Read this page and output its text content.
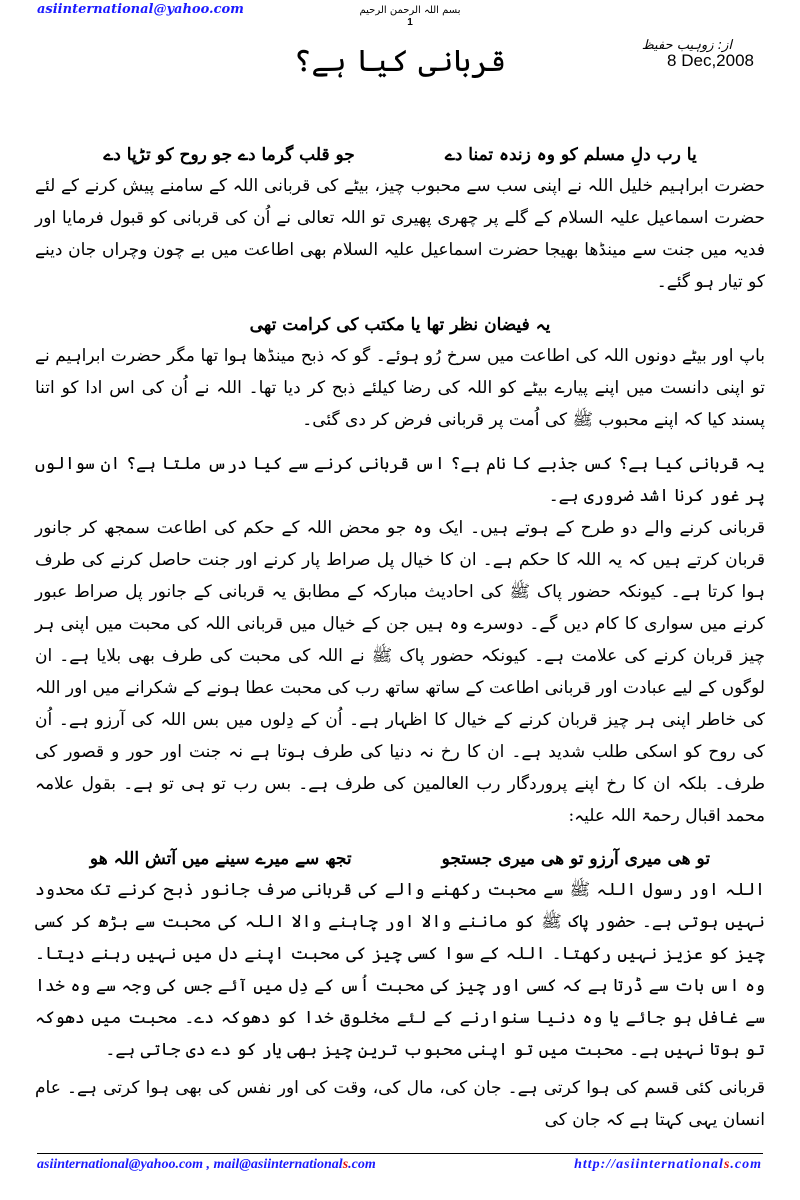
asiinternational@yahoo.com	بسم اللہ الرحمن الرحیم
1
قربانی کیا ہے؟	از: زوہیب حفیظ
8 Dec,2008
یا رب دلِ مسلم کو وہ زندہ تمنا دے
جو قلب گرما دے جو روح کو تڑپا دے

حضرت ابراہیم خلیل اللہ نے اپنی سب سے محبوب چیز، بیٹے کی قربانی اللہ کے سامنے پیش کرنے کے لئے حضرت اسماعیل علیہ السلام کے گلے پر چھری پھیری تو اللہ تعالی نے اُن کی قربانی کو قبول فرمایا اور فدیہ میں جنت سے مینڈھا بھیجا حضرت اسماعیل علیہ السلام بھی اطاعت میں بے چون وچراں جان دینے کو تیار ہو گئے۔

یہ فیضان نظر تھا یا مکتب کی کرامت تھی

باپ اور بیٹے دونوں اللہ کی اطاعت میں سرخ رُو ہوئے۔ گو کہ ذبح مینڈھا ہوا تھا مگر حضرت ابراہیم نے تو اپنی دانست میں اپنے پیارے بیٹے کو اللہ کی رضا کیلئے ذبح کر دیا تھا۔ اللہ نے اُن کی اس ادا کو اتنا پسند کیا کہ اپنے محبوب ﷺ کی اُمت پر قربانی فرض کر دی گئی۔

یہ قربانی کیا ہے؟ کس جذبے کا نام ہے؟ اس قربانی کرنے سے کیا درس ملتا ہے؟ ان سوالوں پر غور کرنا اشد ضروری ہے۔

قربانی کرنے والے دو طرح کے ہوتے ہیں۔ ایک وہ جو محض اللہ کے حکم کی اطاعت سمجھ کر جانور قربان کرتے ہیں کہ یہ اللہ کا حکم ہے۔ ان کا خیال پل صراط پار کرنے اور جنت حاصل کرنے کی طرف ہوا کرتا ہے۔ کیونکہ حضور پاک ﷺ کی احادیث مبارکہ کے مطابق یہ قربانی کے جانور پل صراط عبور کرنے میں سواری کا کام دیں گے۔ دوسرے وہ ہیں جن کے خیال میں قربانی اللہ کی محبت میں اپنی ہر چیز قربان کرنے کی علامت ہے۔ کیونکہ حضور پاک ﷺ نے اللہ کی محبت کی طرف بھی بلایا ہے۔ ان لوگوں کے لیے عبادت اور قربانی اطاعت کے ساتھ ساتھ رب کی محبت عطا ہونے کے شکرانے میں اور اللہ کی خاطر اپنی ہر چیز قربان کرنے کے خیال کا اظہار ہے۔ اُن کے دِلوں میں بس اللہ کی آرزو ہے۔ اُن کی روح کو اسکی طلب شدید ہے۔ ان کا رخ نہ دنیا کی طرف ہوتا ہے نہ جنت اور حور و قصور کی طرف۔ بلکہ ان کا رخ اپنے پروردگار رب العالمین کی طرف ہے۔ بس رب تو ہی تو ہے۔ بقول علامہ محمد اقبال رحمۃ اللہ علیہ:

تو ھی میری آرزو تو ھی میری جستجو
تجھ سے میرے سینے میں آتش اللہ ھو

اللہ اور رسول اللہ ﷺ سے محبت رکھنے والے کی قربانی صرف جانور ذبح کرنے تک محدود نہیں ہوتی ہے۔ حضور پاک ﷺ کو ماننے والا اور چاہنے والا اللہ کی محبت سے بڑھ کر کسی چیز کو عزیز نہیں رکھتا۔ اللہ کے سوا کسی چیز کی محبت اپنے دل میں نہیں رہنے دیتا۔ وہ اس بات سے ڈرتا ہے کہ کسی اور چیز کی محبت اُس کے دِل میں آئے جس کی وجہ سے وہ خدا سے غافل ہو جائے یا وہ دنیا سنوارنے کے لئے مخلوق خدا کو دھوکہ دے۔ محبت میں دھوکہ تو ہوتا نہیں ہے۔ محبت میں تو اپنی محبوب ترین چیز بھی یار کو دے دی جاتی ہے۔

قربانی کئی قسم کی ہوا کرتی ہے۔ جان کی، مال کی، وقت کی اور نفس کی بھی ہوا کرتی ہے۔ عام انسان یہی کہتا ہے کہ جان کی

asiinternational@yahoo.com , mail@asiinternationals.com	http://asiinternationals.com
